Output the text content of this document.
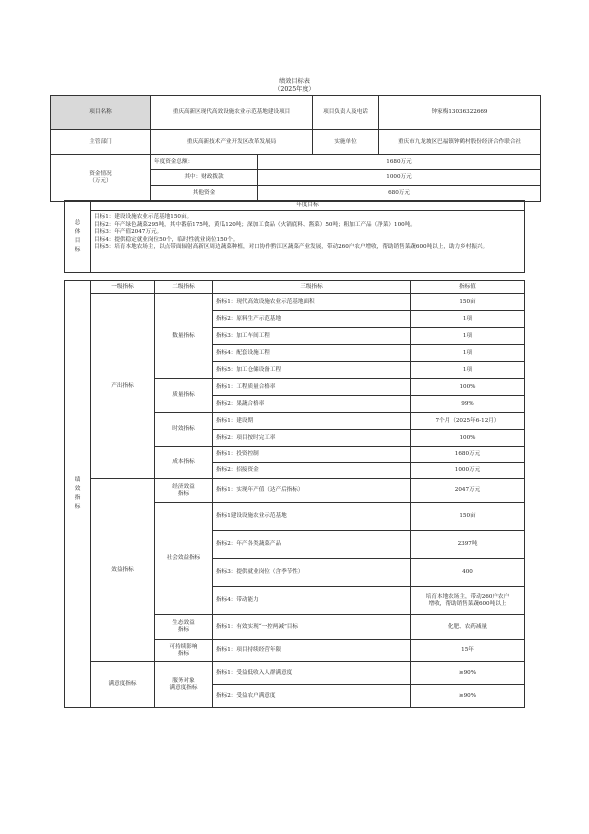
绩效目标表
（2025年度）
项目名称	重庆高新区现代高效设施农业示范基地建设项目		项目负责人及电话	钟家梅13036322669
主管部门	重庆高新技术产业开发区改革发展局		实施单位	重庆市九龙坡区巴福镇钟鹤村股份经济合作联合社
资金情况
（万元）	年度资金总额：	1680万元		
	其中：财政拨款	1000万元		
	其他资金	680万元		
总
体
目
标	年度目标

目标1：建设设施农业示范基地150亩。
目标2：年产绿色蔬菜295吨，其中番茄175吨，黄瓜120吨；深加工食品（火锅底料、酱菜）50吨；粗加工产品（净菜）100吨。
目标3：年产值2047万元。
目标4：提供稳定就业岗位50个，临时性就业岗位150个。
目标5：培育本地农场主，以点带面辐射高新区周边蔬菜种植，对口协作黔江区蔬菜产业发展，带动260户农户增收，帮助销售菜蔬600吨以上，助力乡村振兴。
绩
效
指
标	一级指标	二级指标	三级指标	指标值
	产出指标	数量指标	指标1：现代高效设施农业示范基地面积	150亩
			指标2：原料生产示范基地	1项
			指标3：加工车间工程	1项
			指标4：配套设施工程	1项
			指标5：加工仓储设备工程	1项
		质量指标	指标1：工程质量合格率	100%
			指标2：果蔬合格率	99%
		时效指标	指标1：建设期	7个月（2025年6-12月）
			指标2：项目按时完工率	100%
		成本指标	指标1：投资控制	1680万元
			指标2：招接资金	1000万元
	效益指标	经济效益
指标	指标1：实现年产值（达产后指标）	2047万元
		社会效益指标	指标1建设设施农业示范基地	150亩
			指标2：年产各类蔬菜产品	2397吨
			指标3：提供就业岗位（含季节性）	400
			指标4：带动能力	培育本地农场主，带动260户农户
增收，帮助销售菜蔬600吨以上
		生态效益
指标	指标1：有效实现“一控两减”目标	化肥、农药减量
		可持续影响
指标	指标1：项目持续经营年限	15年
	满意度指标	服务对象
满意度指标	指标1：受益低收入人群满意度	≥90%
			指标2：受益农户满意度	≥90%
